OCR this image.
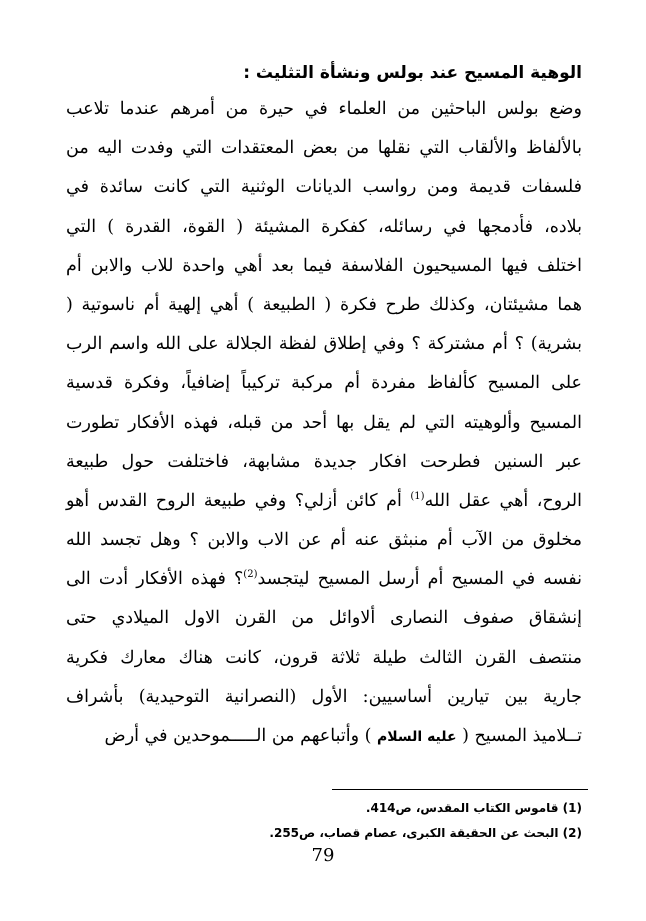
الوهية المسيح عند بولس ونشأة التثليث :
وضع بولس الباحثين من العلماء في حيرة من أمرهم عندما تلاعب
بالألفاظ والألقاب التي نقلها من بعض المعتقدات التي وفدت اليه من
فلسفات قديمة ومن رواسب الديانات الوثنية التي كانت سائدة في
بلاده، فأدمجها في رسائله، كفكرة المشيئة ( القوة، القدرة ) التي
اختلف فيها المسيحيون الفلاسفة فيما بعد أهي واحدة للاب والابن أم
هما مشيئتان، وكذلك طرح فكرة ( الطبيعة ) أهي إلهية أم ناسوتية (
بشرية) ؟ أم مشتركة ؟ وفي إطلاق لفظة الجلالة على الله واسم الرب
على المسيح كألفاظ مفردة أم مركبة تركيباً إضافياً، وفكرة قدسية
المسيح وألوهيته التي لم يقل بها أحد من قبله، فهذه الأفكار تطورت
عبر السنين فطرحت افكار جديدة مشابهة، فاختلفت حول طبيعة
الروح، أهي عقل الله$^{(1)}$ أم كائن أزلي؟ وفي طبيعة الروح القدس أهو
مخلوق من الآب أم منبثق عنه أم عن الاب والابن ؟ وهل تجسد الله
نفسه في المسيح أم أرسل المسيح ليتجسد$^{(2)}$؟ فهذه الأفكار أدت الى
إنشقاق صفوف النصارى ألاوائل من القرن الاول الميلادي حتى
منتصف القرن الثالث طيلة ثلاثة قرون، كانت هناك معارك فكرية
جارية بين تيارين أساسيين: الأول (النصرانية التوحيدية) بأشراف
تــلاميذ المسيح ( عليه السلام ) وأتباعهم من الـــــموحدين في أرض
(1) قاموس الكتاب المقدس، ص414.
(2) البحث عن الحقيقة الكبرى، عصام قصاب، ص255.
79
